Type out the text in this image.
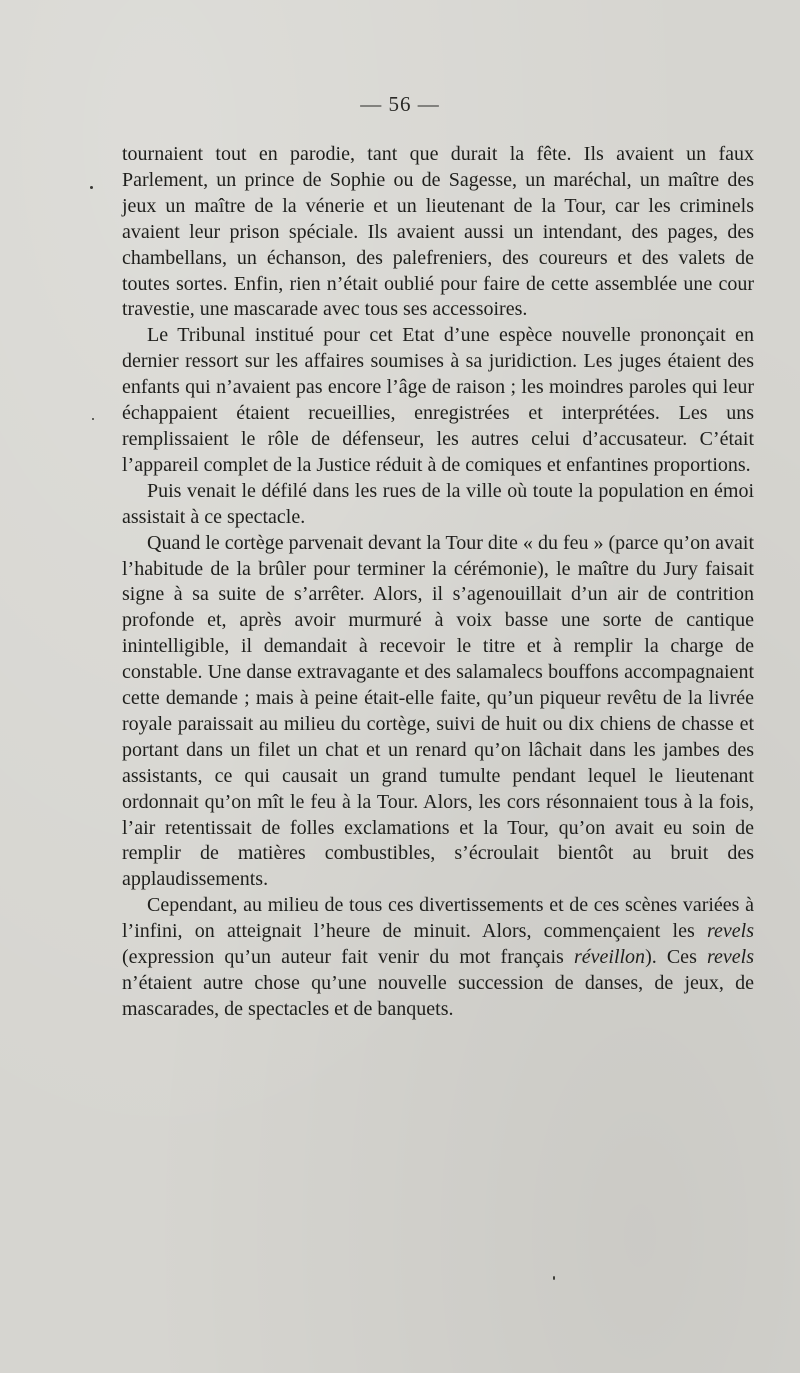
— 56 —

tournaient tout en parodie, tant que durait la fête. Ils avaient un faux Parlement, un prince de Sophie ou de Sagesse, un maréchal, un maître des jeux un maître de la vénerie et un lieutenant de la Tour, car les criminels avaient leur prison spéciale. Ils avaient aussi un intendant, des pages, des chambellans, un échanson, des palefreniers, des coureurs et des valets de toutes sortes. Enfin, rien n’était oublié pour faire de cette assemblée une cour travestie, une mascarade avec tous ses accessoires.

Le Tribunal institué pour cet Etat d’une espèce nouvelle prononçait en dernier ressort sur les affaires soumises à sa juridiction. Les juges étaient des enfants qui n’avaient pas encore l’âge de raison ; les moindres paroles qui leur échappaient étaient recueillies, enregistrées et interprétées. Les uns remplissaient le rôle de défenseur, les autres celui d’accusateur. C’était l’appareil complet de la Justice réduit à de comiques et enfantines proportions.

Puis venait le défilé dans les rues de la ville où toute la population en émoi assistait à ce spectacle.

Quand le cortège parvenait devant la Tour dite « du feu » (parce qu’on avait l’habitude de la brûler pour terminer la cérémonie), le maître du Jury faisait signe à sa suite de s’arrêter. Alors, il s’agenouillait d’un air de contrition profonde et, après avoir murmuré à voix basse une sorte de cantique inintelligible, il demandait à recevoir le titre et à remplir la charge de constable. Une danse extravagante et des salamalecs bouffons accompagnaient cette demande ; mais à peine était-elle faite, qu’un piqueur revêtu de la livrée royale paraissait au milieu du cortège, suivi de huit ou dix chiens de chasse et portant dans un filet un chat et un renard qu’on lâchait dans les jambes des assistants, ce qui causait un grand tumulte pendant lequel le lieutenant ordonnait qu’on mît le feu à la Tour. Alors, les cors résonnaient tous à la fois, l’air retentissait de folles exclamations et la Tour, qu’on avait eu soin de remplir de matières combustibles, s’écroulait bientôt au bruit des applaudissements.

Cependant, au milieu de tous ces divertissements et de ces scènes variées à l’infini, on atteignait l’heure de minuit. Alors, commençaient les revels (expression qu’un auteur fait venir du mot français réveillon). Ces revels n’étaient autre chose qu’une nouvelle succession de danses, de jeux, de mascarades, de spectacles et de banquets.
